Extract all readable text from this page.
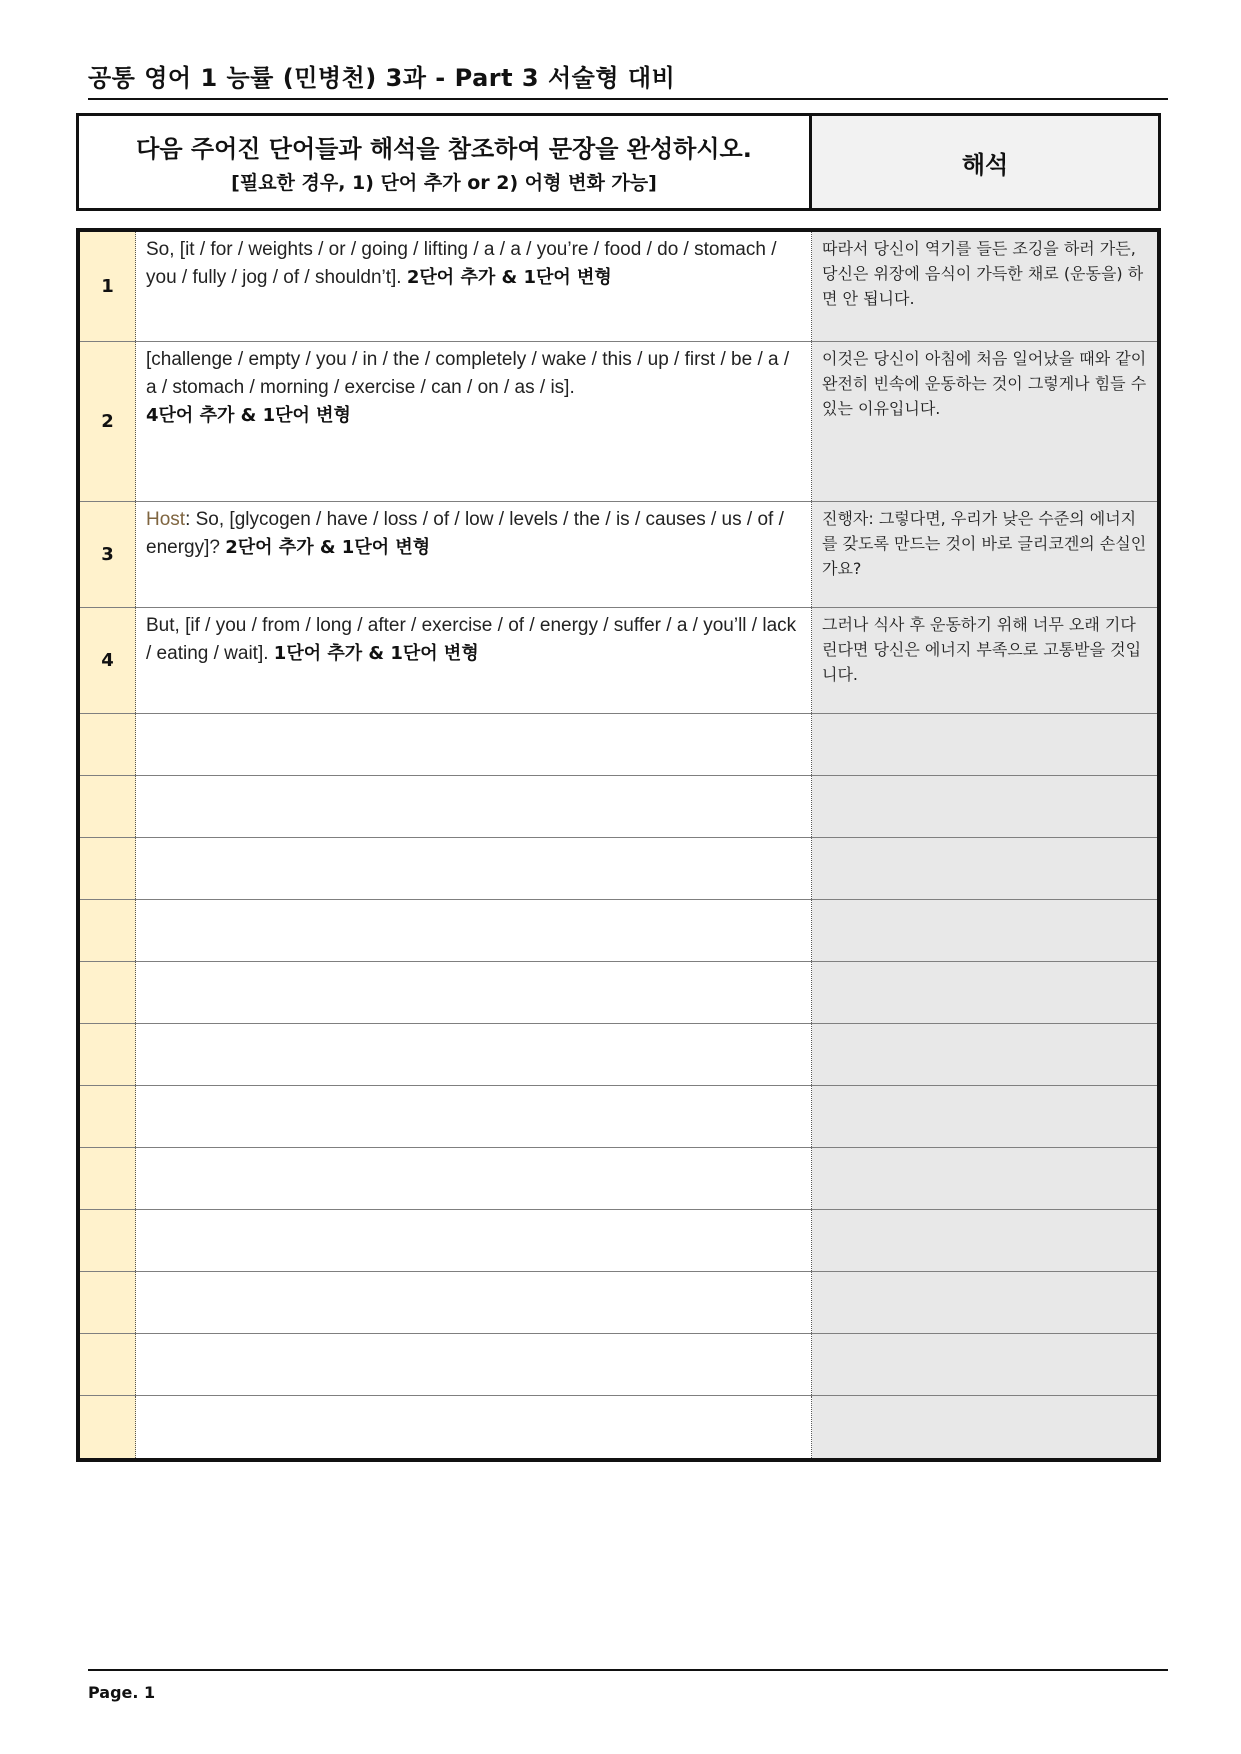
공통 영어 1 능률 (민병천) 3과 - Part 3 서술형 대비
다음 주어진 단어들과 해석을 참조하여 문장을 완성하시오.
[필요한 경우, 1) 단어 추가 or 2) 어형 변화 가능]
해석
1
So, [it / for / weights / or / going / lifting / a / a / you’re / food / do / stomach / you / fully / jog / of / shouldn’t]. 2단어 추가 & 1단어 변형
따라서 당신이 역기를 들든 조깅을 하러 가든, 당신은 위장에 음식이 가득한 채로 (운동을) 하면 안 됩니다.
2
[challenge / empty / you / in / the / completely / wake / this / up / first / be / a / a / stomach / morning / exercise / can / on / as / is].
4단어 추가 & 1단어 변형
이것은 당신이 아침에 처음 일어났을 때와 같이 완전히 빈속에 운동하는 것이 그렇게나 힘들 수 있는 이유입니다.
3
Host: So, [glycogen / have / loss / of / low / levels / the / is / causes / us / of / energy]? 2단어 추가 & 1단어 변형
진행자: 그렇다면, 우리가 낮은 수준의 에너지를 갖도록 만드는 것이 바로 글리코겐의 손실인가요?
4
But, [if / you / from / long / after / exercise / of / energy / suffer / a / you’ll / lack / eating / wait]. 1단어 추가 & 1단어 변형
그러나 식사 후 운동하기 위해 너무 오래 기다린다면 당신은 에너지 부족으로 고통받을 것입니다.
Page. 1
